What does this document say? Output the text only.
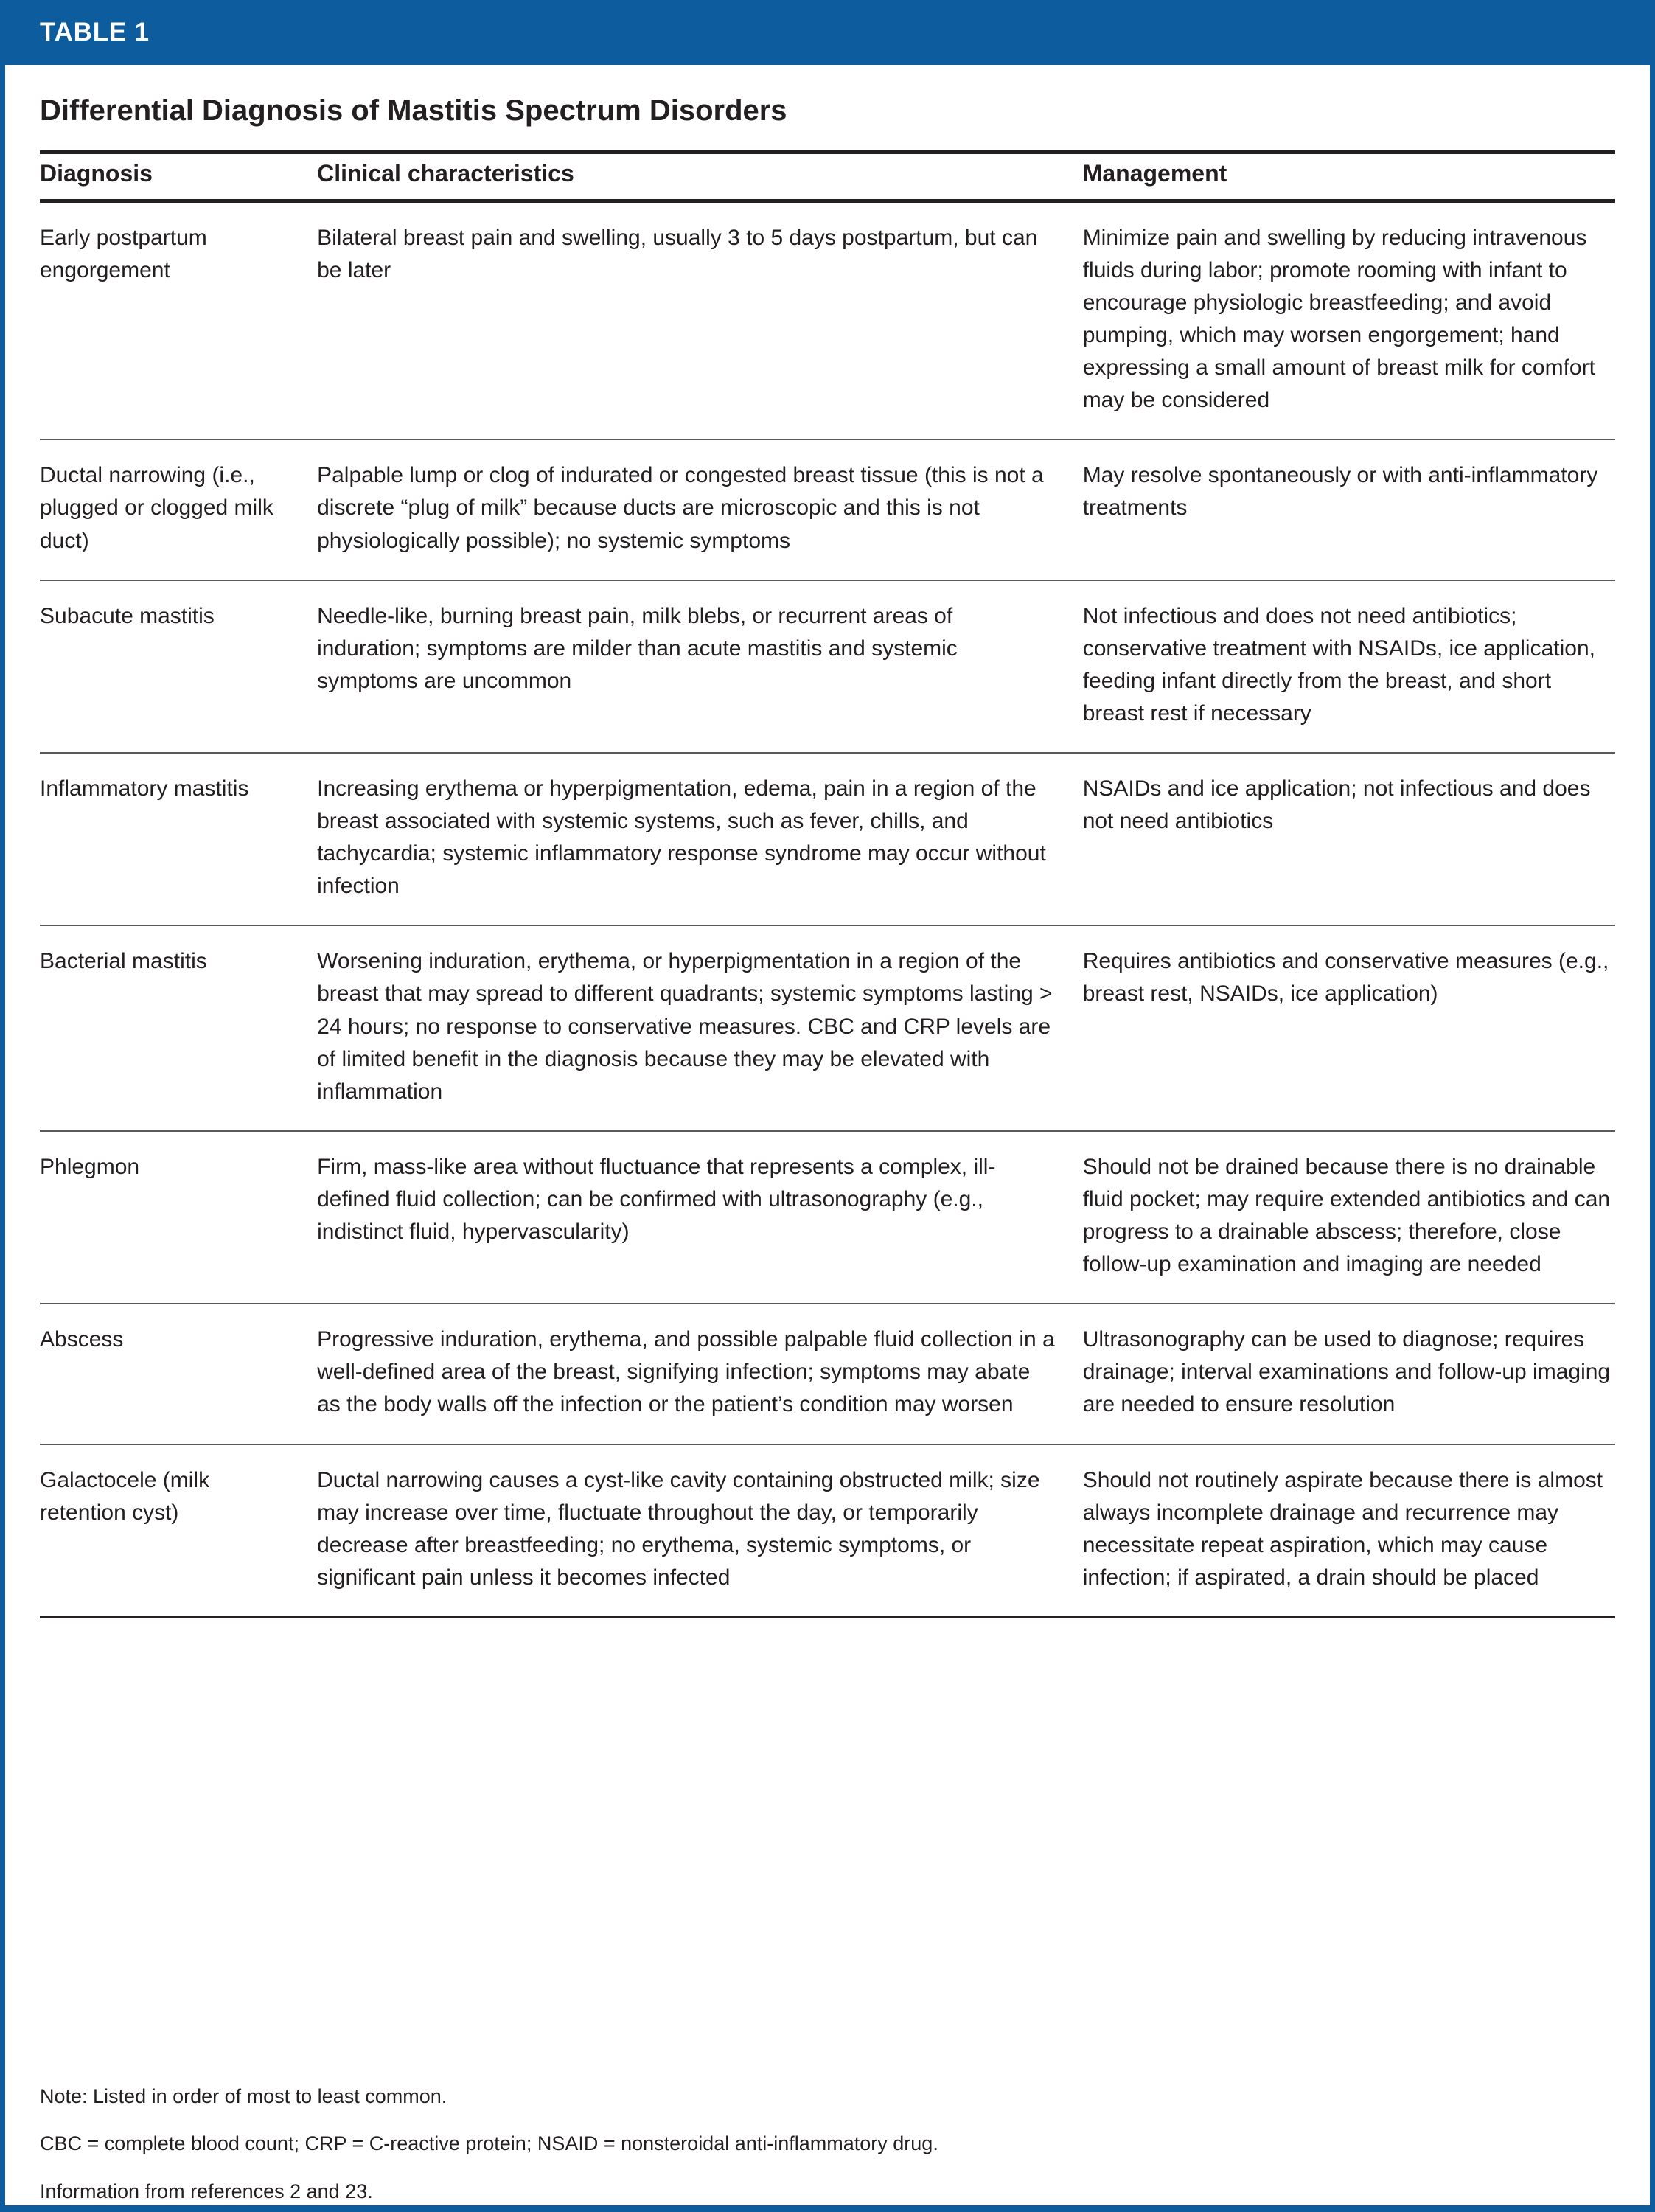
TABLE 1
Differential Diagnosis of Mastitis Spectrum Disorders
Diagnosis	Clinical characteristics	Management
Early postpartum engorgement	Bilateral breast pain and swelling, usually 3 to 5 days postpartum, but can be later	Minimize pain and swelling by reducing intravenous fluids during labor; promote rooming with infant to encourage physiologic breastfeeding; and avoid pumping, which may worsen engorgement; hand expressing a small amount of breast milk for comfort may be considered
Ductal narrowing (i.e., plugged or clogged milk duct)	Palpable lump or clog of indurated or congested breast tissue (this is not a discrete “plug of milk” because ducts are microscopic and this is not physiologically possible); no systemic symptoms	May resolve spontaneously or with anti-inflammatory treatments
Subacute mastitis	Needle-like, burning breast pain, milk blebs, or recurrent areas of induration; symptoms are milder than acute mastitis and systemic symptoms are uncommon	Not infectious and does not need antibiotics; conservative treatment with NSAIDs, ice application, feeding infant directly from the breast, and short breast rest if necessary
Inflammatory mastitis	Increasing erythema or hyperpigmentation, edema, pain in a region of the breast associated with systemic systems, such as fever, chills, and tachycardia; systemic inflammatory response syndrome may occur without infection	NSAIDs and ice application; not infectious and does not need antibiotics
Bacterial mastitis	Worsening induration, erythema, or hyperpigmentation in a region of the breast that may spread to different quadrants; systemic symptoms lasting > 24 hours; no response to conservative measures. CBC and CRP levels are of limited benefit in the diagnosis because they may be elevated with inflammation	Requires antibiotics and conservative measures (e.g., breast rest, NSAIDs, ice application)
Phlegmon	Firm, mass-like area without fluctuance that represents a complex, ill-defined fluid collection; can be confirmed with ultrasonography (e.g., indistinct fluid, hypervascularity)	Should not be drained because there is no drainable fluid pocket; may require extended antibiotics and can progress to a drainable abscess; therefore, close follow-up examination and imaging are needed
Abscess	Progressive induration, erythema, and possible palpable fluid collection in a well-defined area of the breast, signifying infection; symptoms may abate as the body walls off the infection or the patient’s condition may worsen	Ultrasonography can be used to diagnose; requires drainage; interval examinations and follow-up imaging are needed to ensure resolution
Galactocele (milk retention cyst)	Ductal narrowing causes a cyst-like cavity containing obstructed milk; size may increase over time, fluctuate throughout the day, or temporarily decrease after breastfeeding; no erythema, systemic symptoms, or significant pain unless it becomes infected	Should not routinely aspirate because there is almost always incomplete drainage and recurrence may necessitate repeat aspiration, which may cause infection; if aspirated, a drain should be placed
Note: Listed in order of most to least common.
CBC = complete blood count; CRP = C-reactive protein; NSAID = nonsteroidal anti-inflammatory drug.
Information from references 2 and 23.
